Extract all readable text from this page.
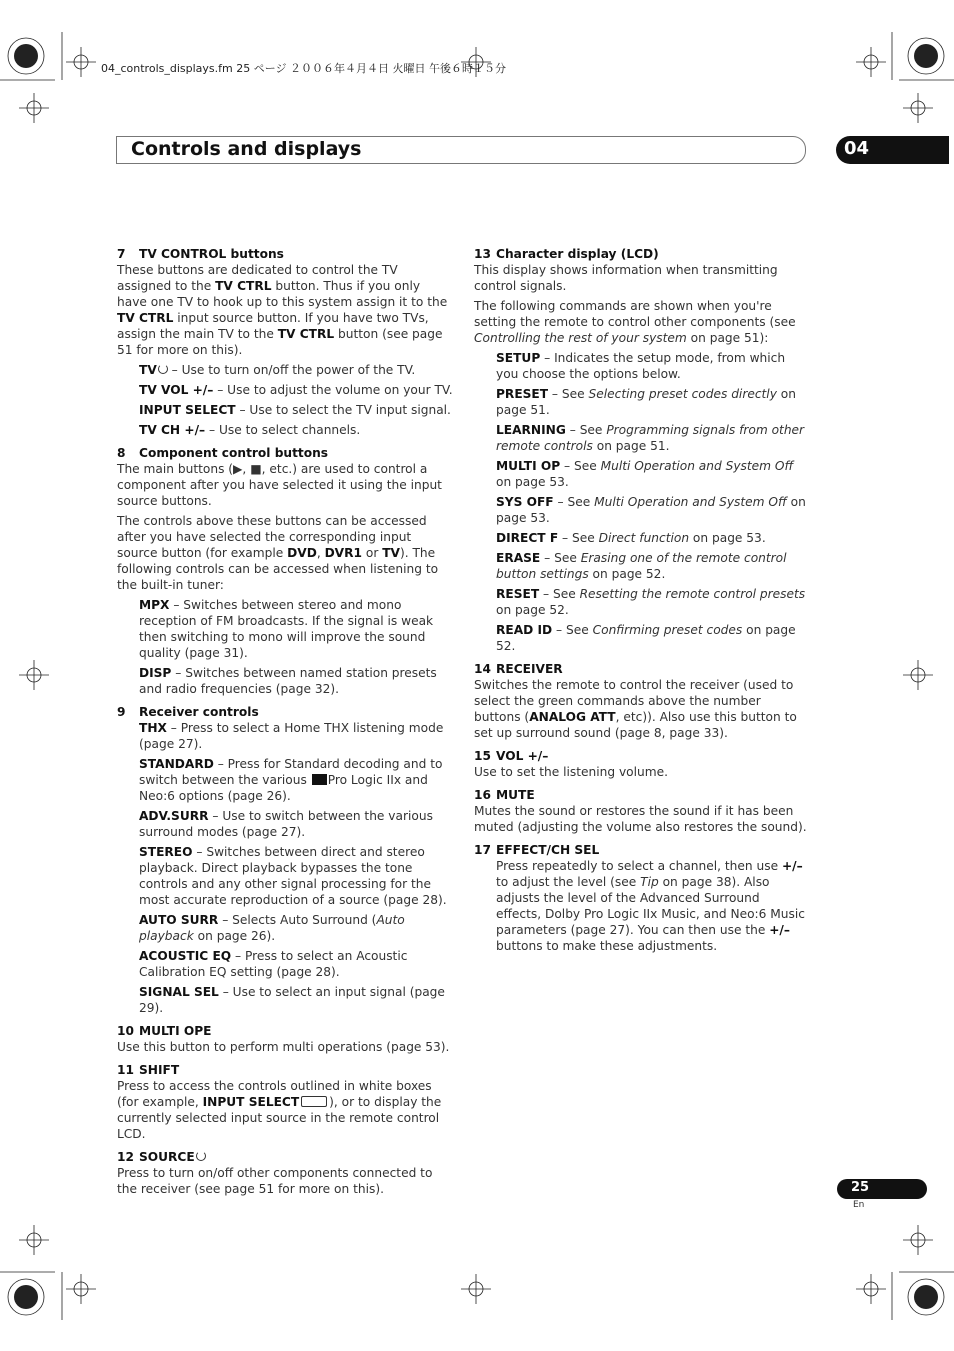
04_controls_displays.fm 25 ページ ２００６年４月４日 火曜日 午後６時１５分
Controls and displays	04
7 TV CONTROL buttons
These buttons are dedicated to control the TV assigned to the TV CTRL button. Thus if you only have one TV to hook up to this system assign it to the TV CTRL input source button. If you have two TVs, assign the main TV to the TV CTRL button (see page 51 for more on this).
TV – Use to turn on/off the power of the TV.
TV VOL +/– – Use to adjust the volume on your TV.
INPUT SELECT – Use to select the TV input signal.
TV CH +/– – Use to select channels.
8 Component control buttons
The main buttons (▶, ■, etc.) are used to control a component after you have selected it using the input source buttons.
The controls above these buttons can be accessed after you have selected the corresponding input source button (for example DVD, DVR1 or TV). The following controls can be accessed when listening to the built-in tuner:
MPX – Switches between stereo and mono reception of FM broadcasts. If the signal is weak then switching to mono will improve the sound quality (page 31).
DISP – Switches between named station presets and radio frequencies (page 32).
9 Receiver controls
THX – Press to select a Home THX listening mode (page 27).
STANDARD – Press for Standard decoding and to switch between the various Pro Logic IIx and Neo:6 options (page 26).
ADV.SURR – Use to switch between the various surround modes (page 27).
STEREO – Switches between direct and stereo playback. Direct playback bypasses the tone controls and any other signal processing for the most accurate reproduction of a source (page 28).
AUTO SURR – Selects Auto Surround (Auto playback on page 26).
ACOUSTIC EQ – Press to select an Acoustic Calibration EQ setting (page 28).
SIGNAL SEL – Use to select an input signal (page 29).
10 MULTI OPE
Use this button to perform multi operations (page 53).
11 SHIFT
Press to access the controls outlined in white boxes (for example, INPUT SELECT ), or to display the currently selected input source in the remote control LCD.
12 SOURCE
Press to turn on/off other components connected to the receiver (see page 51 for more on this).
13 Character display (LCD)
This display shows information when transmitting control signals.
The following commands are shown when you're setting the remote to control other components (see Controlling the rest of your system on page 51):
SETUP – Indicates the setup mode, from which you choose the options below.
PRESET – See Selecting preset codes directly on page 51.
LEARNING – See Programming signals from other remote controls on page 51.
MULTI OP – See Multi Operation and System Off on page 53.
SYS OFF – See Multi Operation and System Off on page 53.
DIRECT F – See Direct function on page 53.
ERASE – See Erasing one of the remote control button settings on page 52.
RESET – See Resetting the remote control presets on page 52.
READ ID – See Confirming preset codes on page 52.
14 RECEIVER
Switches the remote to control the receiver (used to select the green commands above the number buttons (ANALOG ATT, etc)). Also use this button to set up surround sound (page 8, page 33).
15 VOL +/–
Use to set the listening volume.
16 MUTE
Mutes the sound or restores the sound if it has been muted (adjusting the volume also restores the sound).
17 EFFECT/CH SEL
Press repeatedly to select a channel, then use +/– to adjust the level (see Tip on page 38). Also adjusts the level of the Advanced Surround effects, Dolby Pro Logic IIx Music, and Neo:6 Music parameters (page 27). You can then use the +/– buttons to make these adjustments.
25
En
